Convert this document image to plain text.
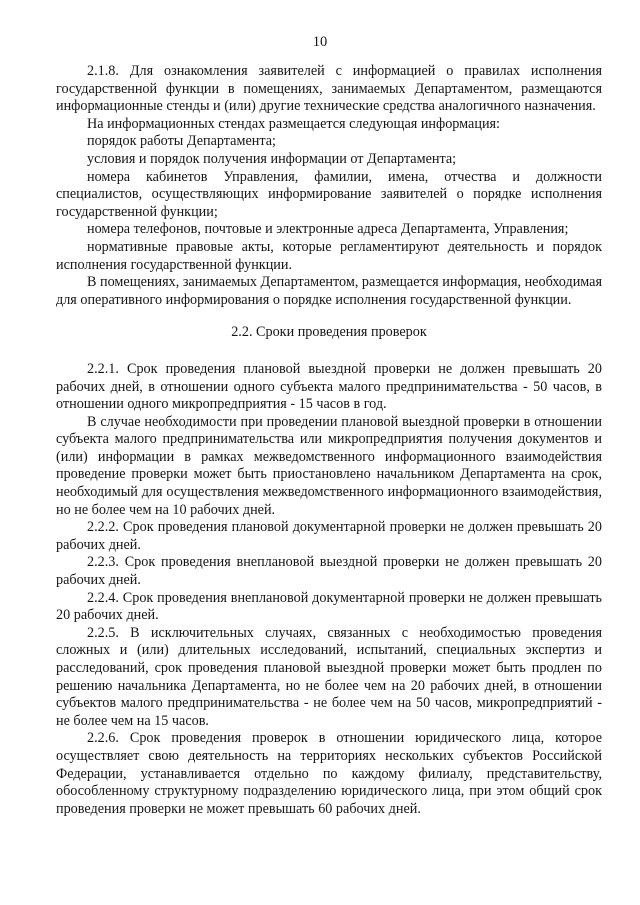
10

2.1.8. Для ознакомления заявителей с информацией о правилах исполнения государственной функции в помещениях, занимаемых Департаментом, размещаются информационные стенды и (или) другие технические средства аналогичного назначения.

На информационных стендах размещается следующая информация:

порядок работы Департамента;

условия и порядок получения информации от Департамента;

номера кабинетов Управления, фамилии, имена, отчества и должности специалистов, осуществляющих информирование заявителей о порядке исполнения государственной функции;

номера телефонов, почтовые и электронные адреса Департамента, Управления;

нормативные правовые акты, которые регламентируют деятельность и порядок исполнения государственной функции.

В помещениях, занимаемых Департаментом, размещается информация, необходимая для оперативного информирования о порядке исполнения государственной функции.

2.2. Сроки проведения проверок

2.2.1. Срок проведения плановой выездной проверки не должен превышать 20 рабочих дней, в отношении одного субъекта малого предпринимательства - 50 часов, в отношении одного микропредприятия - 15 часов в год.

В случае необходимости при проведении плановой выездной проверки в отношении субъекта малого предпринимательства или микропредприятия получения документов и (или) информации в рамках межведомственного информационного взаимодействия проведение проверки может быть приостановлено начальником Департамента на срок, необходимый для осуществления межведомственного информационного взаимодействия, но не более чем на 10 рабочих дней.

2.2.2. Срок проведения плановой документарной проверки не должен превышать 20 рабочих дней.

2.2.3. Срок проведения внеплановой выездной проверки не должен превышать 20 рабочих дней.

2.2.4. Срок проведения внеплановой документарной проверки не должен превышать 20 рабочих дней.

2.2.5. В исключительных случаях, связанных с необходимостью проведения сложных и (или) длительных исследований, испытаний, специальных экспертиз и расследований, срок проведения плановой выездной проверки может быть продлен по решению начальника Департамента, но не более чем на 20 рабочих дней, в отношении субъектов малого предпринимательства - не более чем на 50 часов, микропредприятий - не более чем на 15 часов.

2.2.6. Срок проведения проверок в отношении юридического лица, которое осуществляет свою деятельность на территориях нескольких субъектов Российской Федерации, устанавливается отдельно по каждому филиалу, представительству, обособленному структурному подразделению юридического лица, при этом общий срок проведения проверки не может превышать 60 рабочих дней.
